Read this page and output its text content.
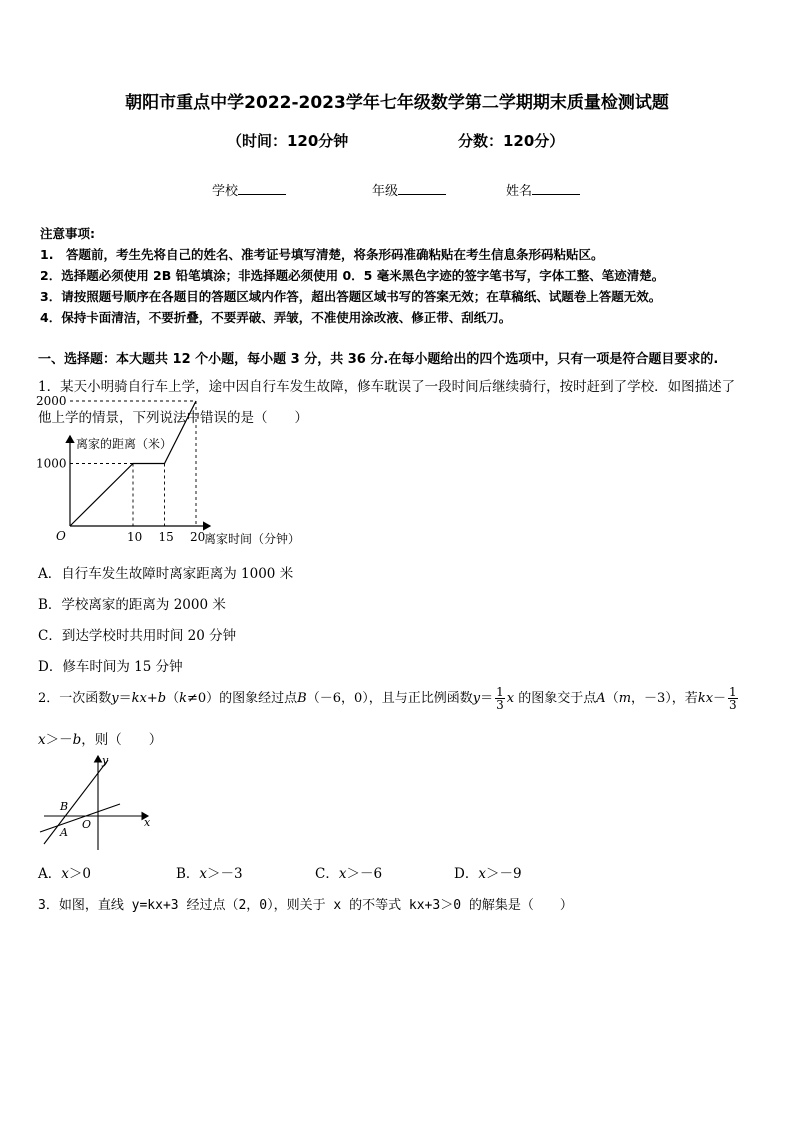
朝阳市重点中学2022-2023学年七年级数学第二学期期末质量检测试题
（时间：120分钟	分数：120分）
学校	年级	姓名
注意事项:
1.　答题前，考生先将自己的姓名、准考证号填写清楚，将条形码准确粘贴在考生信息条形码粘贴区。
2．选择题必须使用 2B 铅笔填涂；非选择题必须使用 0．5 毫米黑色字迹的签字笔书写，字体工整、笔迹清楚。
3．请按照题号顺序在各题目的答题区域内作答，超出答题区域书写的答案无效；在草稿纸、试题卷上答题无效。
4．保持卡面清洁，不要折叠，不要弄破、弄皱，不准使用涂改液、修正带、刮纸刀。
一、选择题：本大题共 12 个小题，每小题 3 分，共 36 分.在每小题给出的四个选项中，只有一项是符合题目要求的.
1．某天小明骑自行车上学，途中因自行车发生故障，修车耽误了一段时间后继续骑行，按时赶到了学校．如图描述了
他上学的情景，下列说法中错误的是（　　）
离家的距离（米）
离家时间（分钟）
O	10 15 20
1000
2000
A．自行车发生故障时离家距离为 1000 米
B．学校离家的距离为 2000 米
C．到达学校时共用时间 20 分钟
D．修车时间为 15 分钟
2．一次函数y＝kx+b（k≠0）的图象经过点B（－6，0），且与正比例函数$y= \frac{1}{3}$ x 的图象交于点A（m，－3），若$kx- \frac{1}{3}$
x＞－b，则（　　）
y
x
O
B
A
A．x＞0	B．x＞－3	C．x＞－6	D．x＞－9
3．如图，直线 y=kx+3 经过点（2，0），则关于 x 的不等式 kx+3＞0 的解集是（　　）
